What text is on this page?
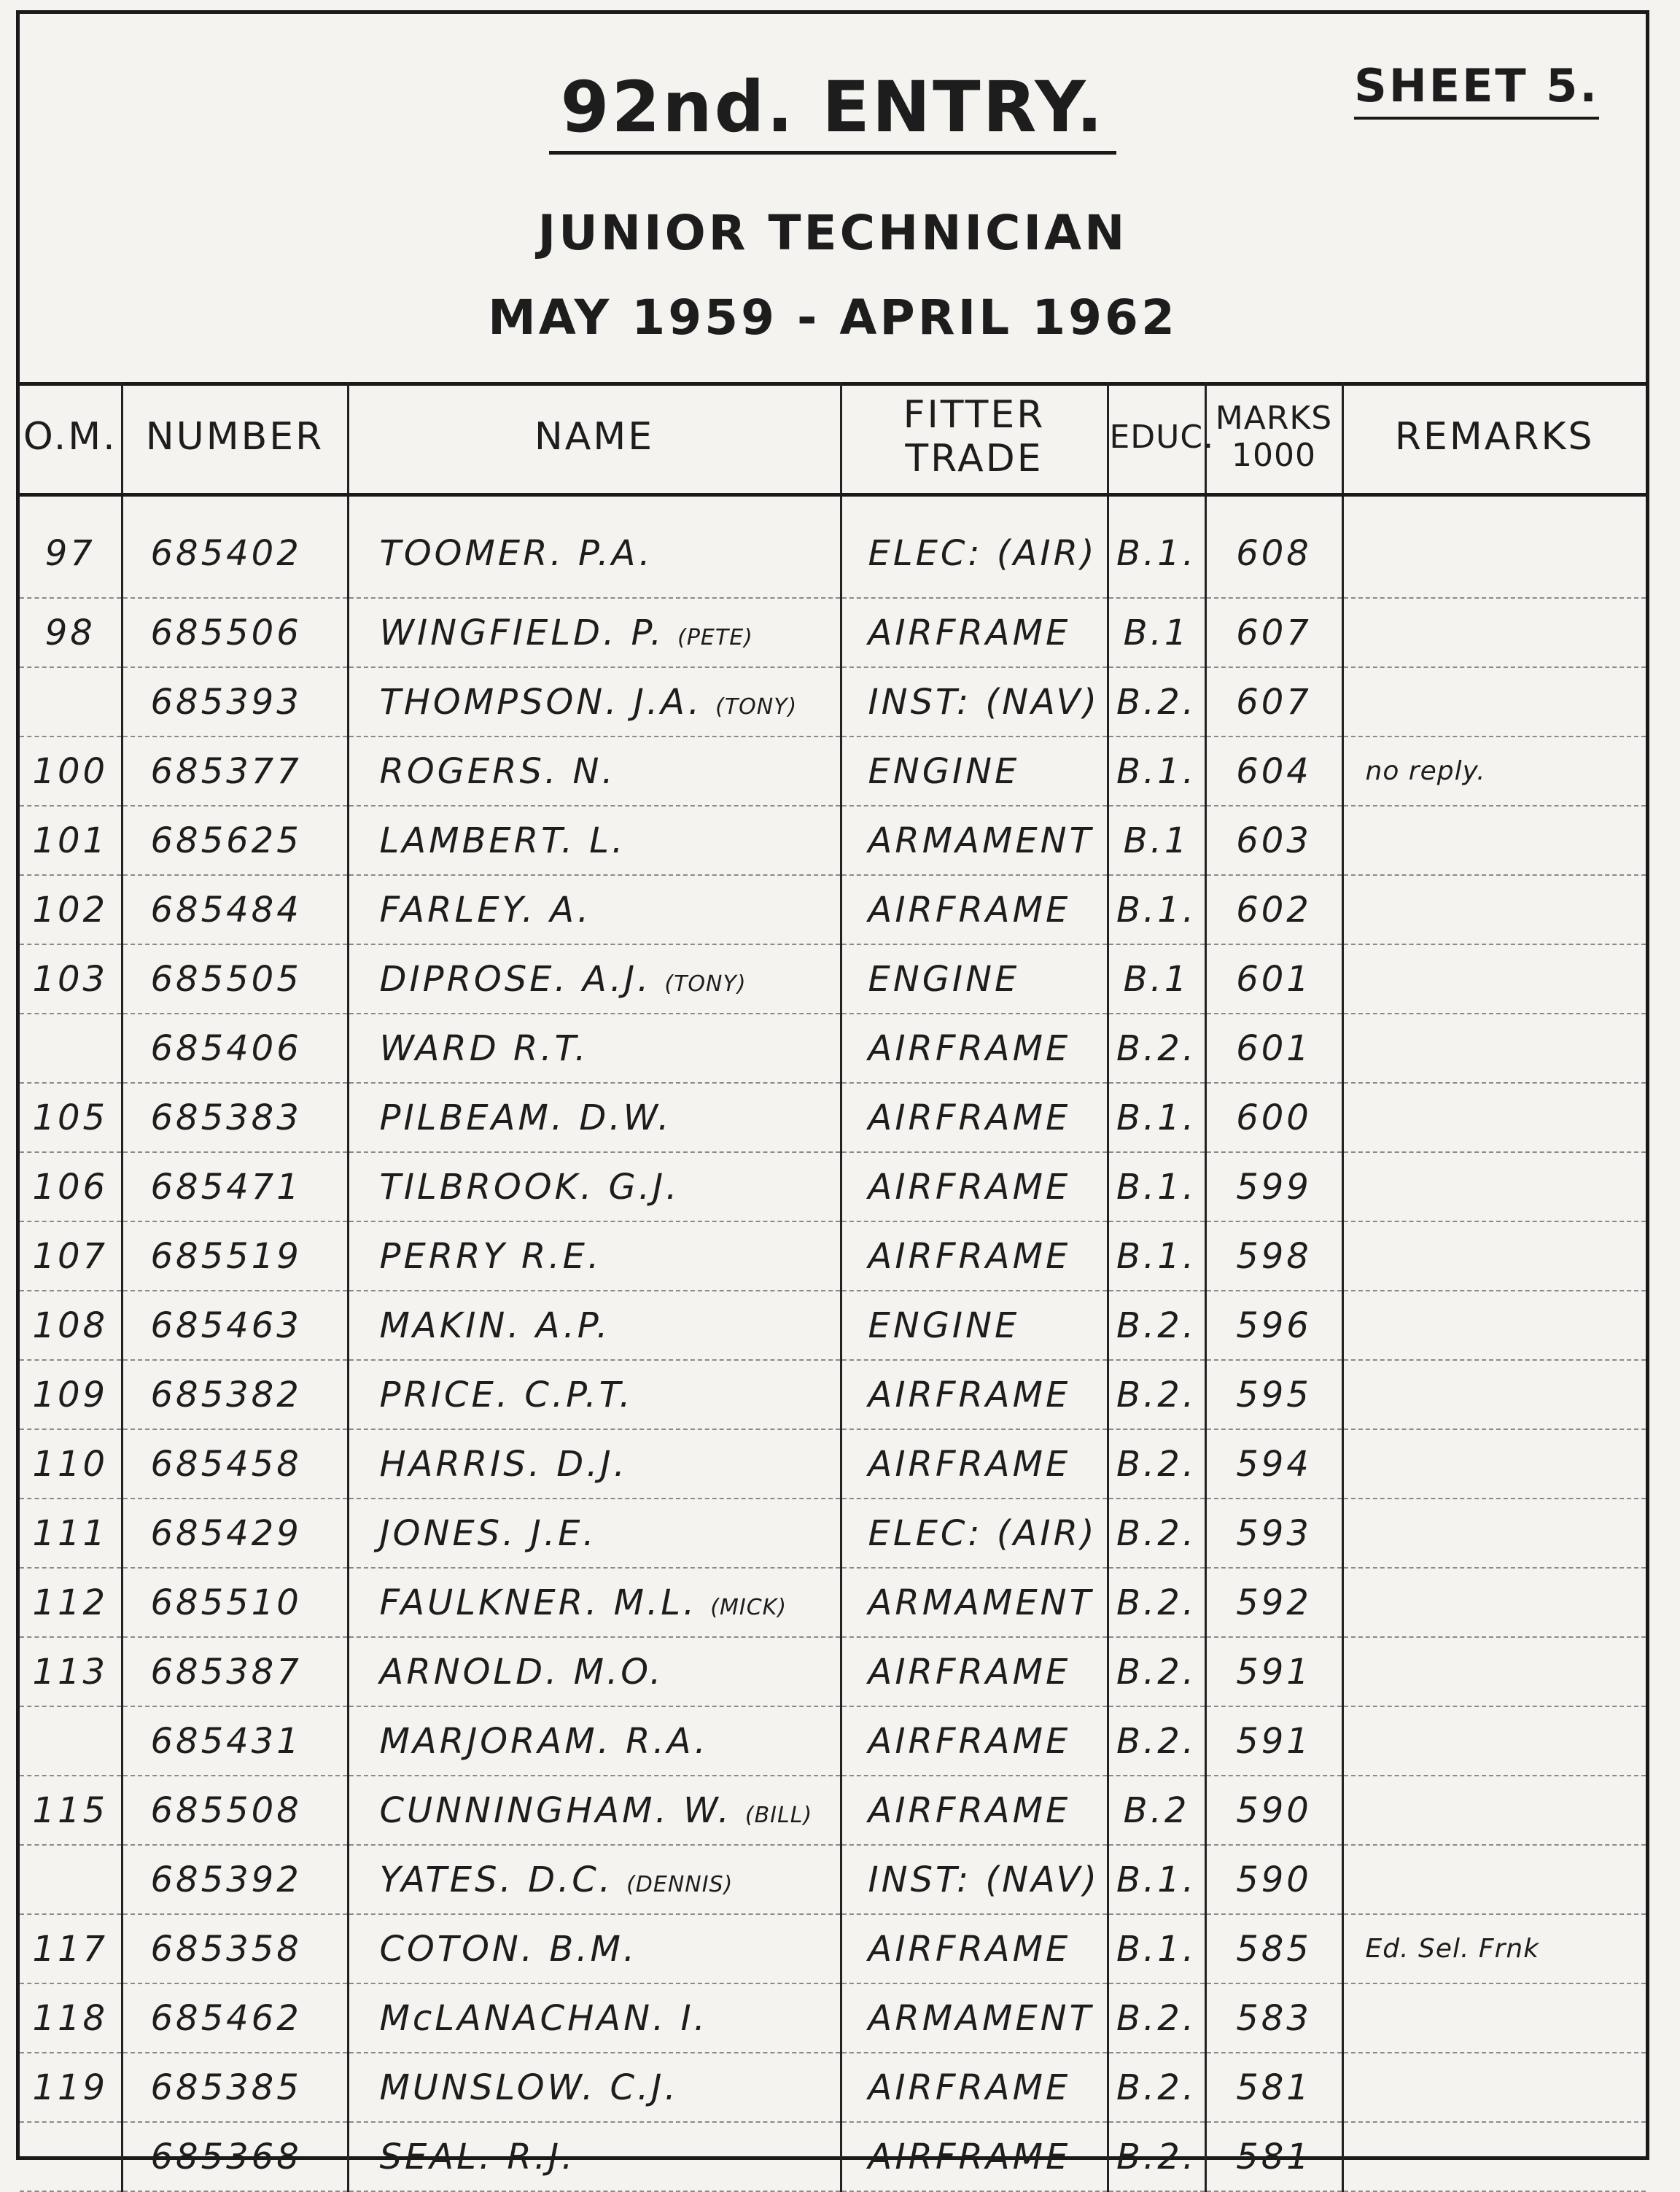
92nd. ENTRY.	SHEET 5.
JUNIOR TECHNICIAN
MAY 1959 - APRIL 1962
O.M.	NUMBER	NAME	FITTER TRADE	EDUC.	MARKS 1000	REMARKS
97	685402	TOOMER. P.A.	ELEC: (AIR)	B.1.	608	
98	685506	WINGFIELD. P. (PETE)	AIRFRAME	B.1	607	
	685393	THOMPSON. J.A. (TONY)	INST: (NAV)	B.2.	607	
100	685377	ROGERS. N.	ENGINE	B.1.	604	no reply.
101	685625	LAMBERT. L.	ARMAMENT	B.1	603	
102	685484	FARLEY. A.	AIRFRAME	B.1.	602	
103	685505	DIPROSE. A.J. (TONY)	ENGINE	B.1	601	
	685406	WARD R.T.	AIRFRAME	B.2.	601	
105	685383	PILBEAM. D.W.	AIRFRAME	B.1.	600	
106	685471	TILBROOK. G.J.	AIRFRAME	B.1.	599	
107	685519	PERRY R.E.	AIRFRAME	B.1.	598	
108	685463	MAKIN. A.P.	ENGINE	B.2.	596	
109	685382	PRICE. C.P.T.	AIRFRAME	B.2.	595	
110	685458	HARRIS. D.J.	AIRFRAME	B.2.	594	
111	685429	JONES. J.E.	ELEC: (AIR)	B.2.	593	
112	685510	FAULKNER. M.L. (MICK)	ARMAMENT	B.2.	592	
113	685387	ARNOLD. M.O.	AIRFRAME	B.2.	591	
	685431	MARJORAM. R.A.	AIRFRAME	B.2.	591	
115	685508	CUNNINGHAM. W. (BILL)	AIRFRAME	B.2	590	
	685392	YATES. D.C. (DENNIS)	INST: (NAV)	B.1.	590	
117	685358	COTON. B.M.	AIRFRAME	B.1.	585	Ed. Sel. Frnk
118	685462	McLANACHAN. I.	ARMAMENT	B.2.	583	
119	685385	MUNSLOW. C.J.	AIRFRAME	B.2.	581	
	685368	SEAL. R.J.	AIRFRAME	B.2.	581	
